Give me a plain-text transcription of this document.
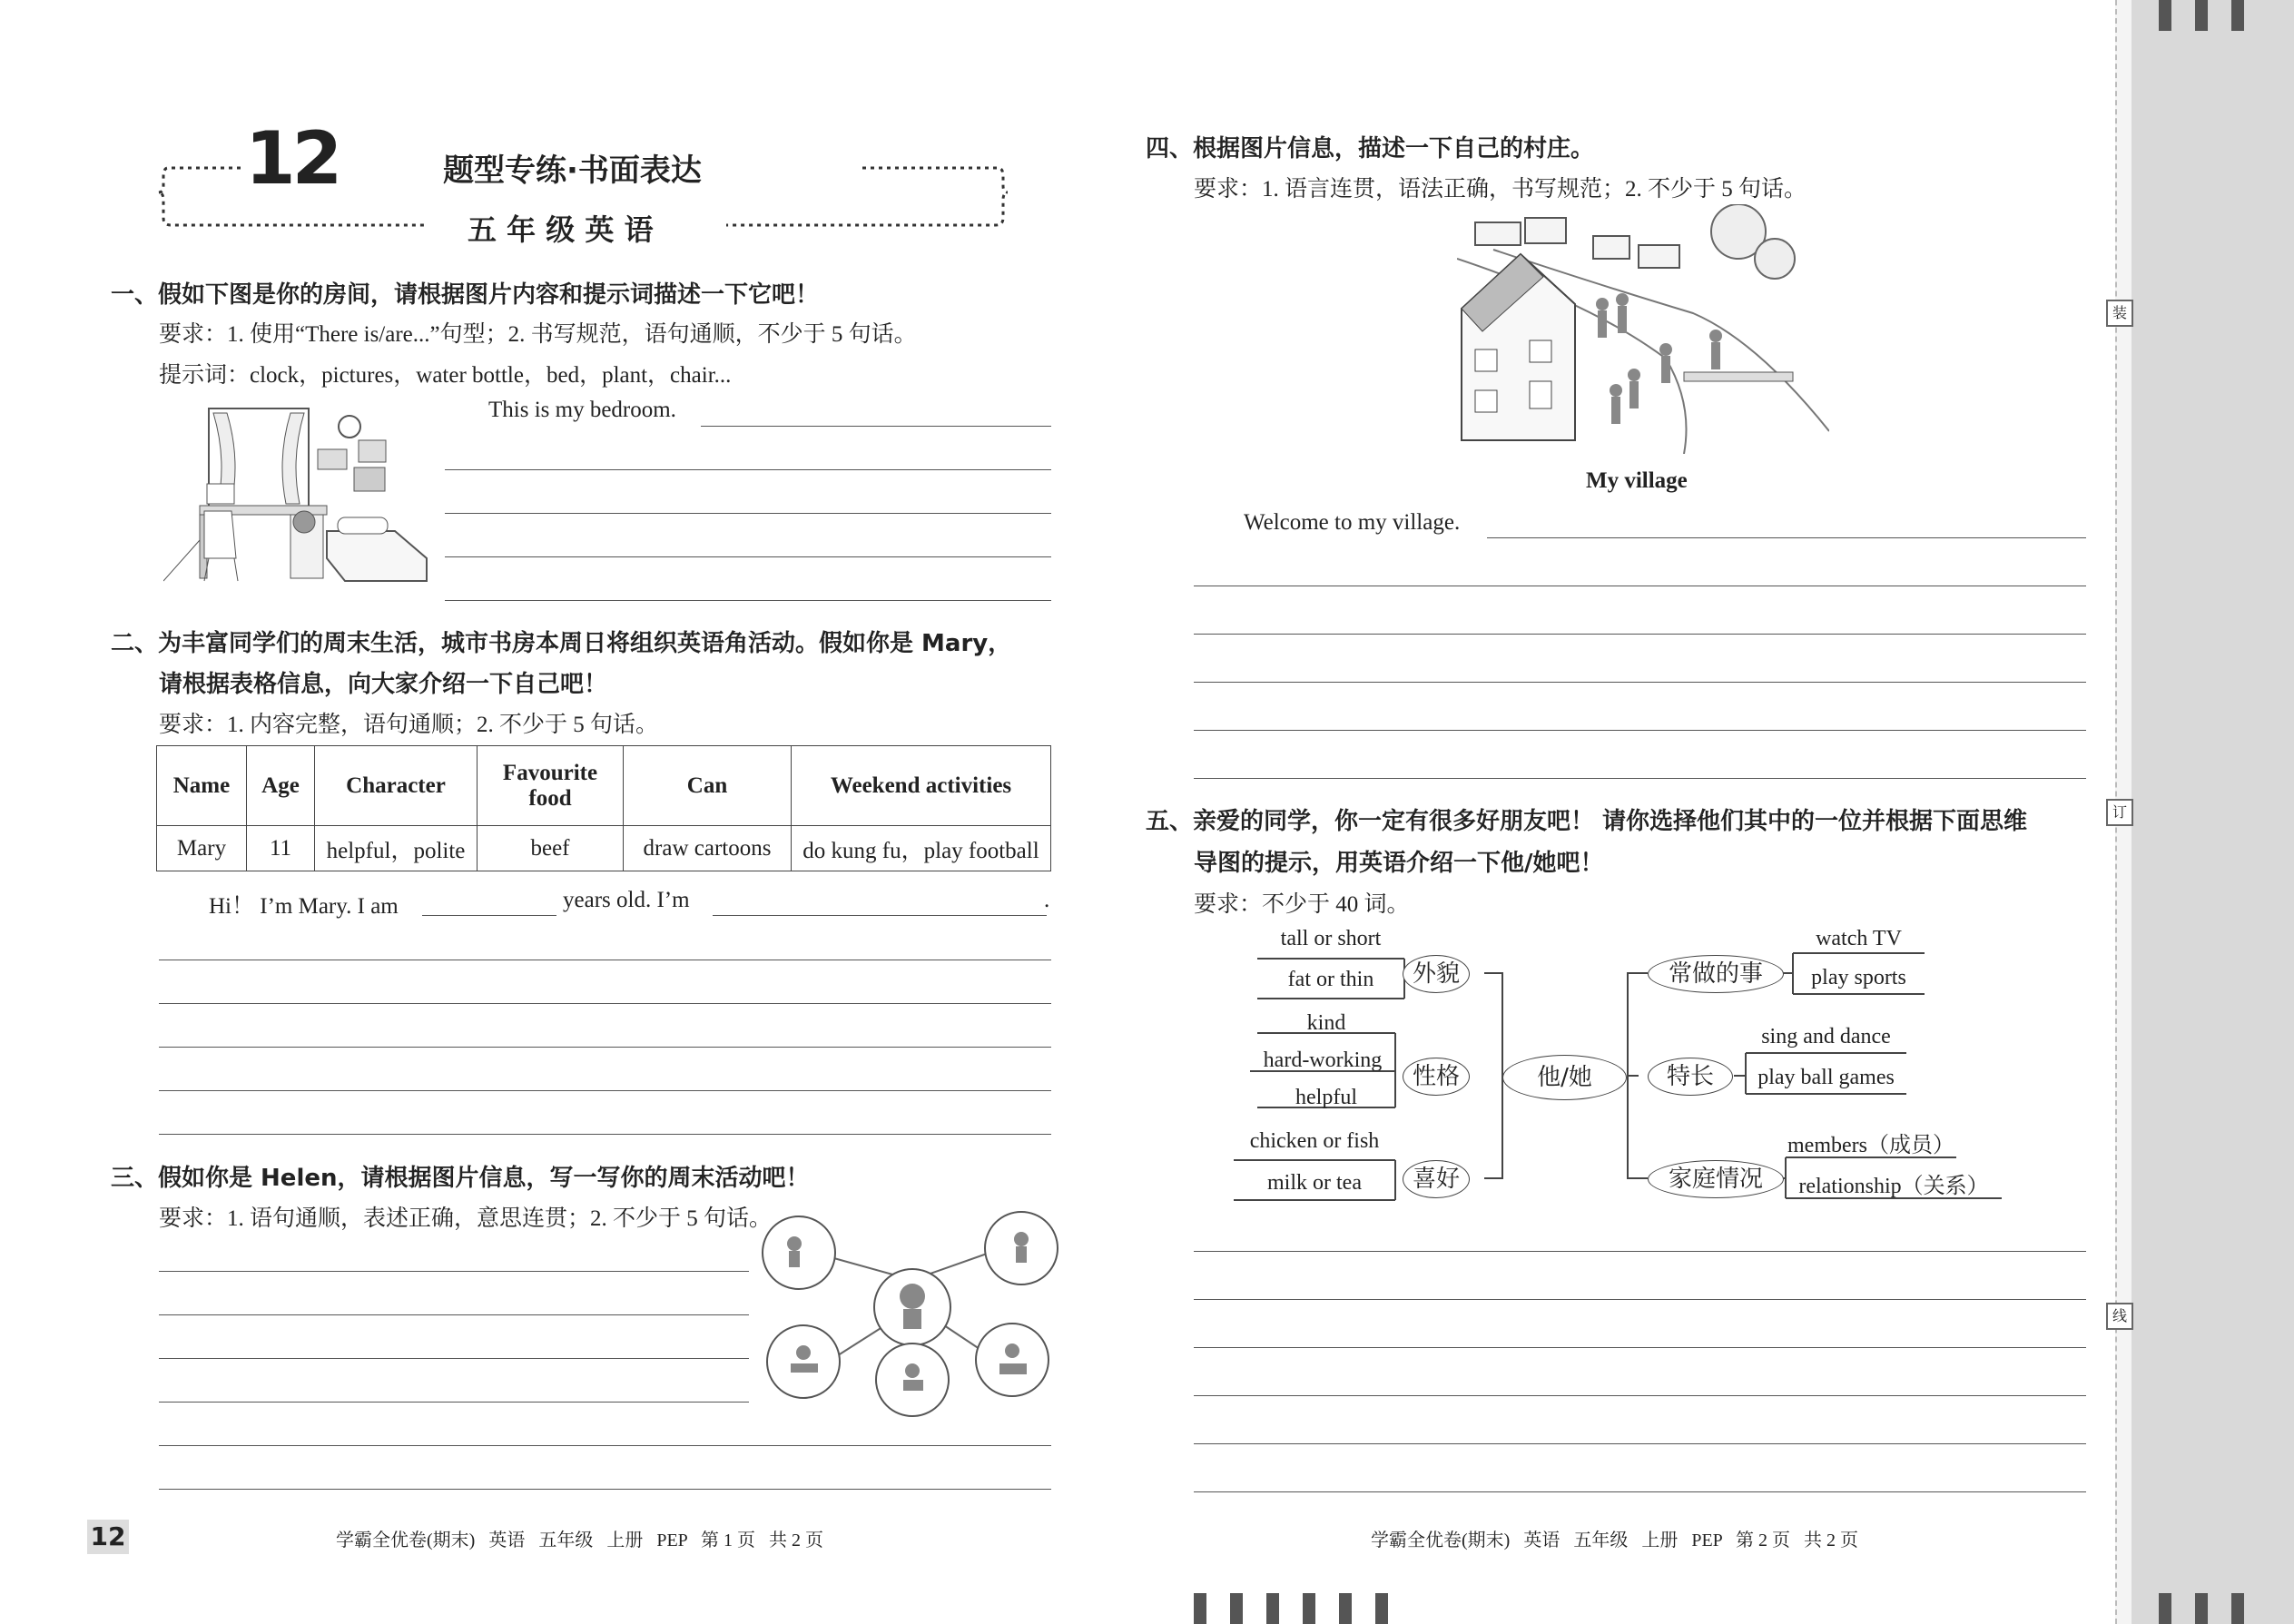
装
订
线
12	题型专练·书面表达
五 年 级 英 语
一、假如下图是你的房间，请根据图片内容和提示词描述一下它吧！
要求：1. 使用“There is/are...”句型；2. 书写规范，语句通顺，不少于 5 句话。
提示词：clock，pictures，water bottle，bed，plant，chair...
This is my bedroom.
二、为丰富同学们的周末生活，城市书房本周日将组织英语角活动。假如你是 Mary，
请根据表格信息，向大家介绍一下自己吧！
要求：1. 内容完整，语句通顺；2. 不少于 5 句话。
Name	Age	Character	Favourite food	Can	Weekend activities
Mary	11	helpful，polite	beef	draw cartoons	do kung fu，play football
Hi！ I’m Mary. I am	years old. I’m	.
三、假如你是 Helen，请根据图片信息，写一写你的周末活动吧！
要求：1. 语句通顺，表述正确，意思连贯；2. 不少于 5 句话。
12	学霸全优卷(期末)   英语   五年级   上册   PEP   第 1 页   共 2 页
四、根据图片信息，描述一下自己的村庄。
要求：1. 语言连贯，语法正确，书写规范；2. 不少于 5 句话。
My village
Welcome to my village.
五、亲爱的同学，你一定有很多好朋友吧！ 请你选择他们其中的一位并根据下面思维
导图的提示，用英语介绍一下他/她吧！
要求：不少于 40 词。
tall or short
fat or thin
kind
hard-working
helpful
chicken or fish
milk or tea
外貌
性格
喜好
他/她
常做的事
特长
家庭情况
watch TV
play sports
sing and dance
play ball games
members（成员）
relationship（关系）
学霸全优卷(期末)   英语   五年级   上册   PEP   第 2 页   共 2 页
